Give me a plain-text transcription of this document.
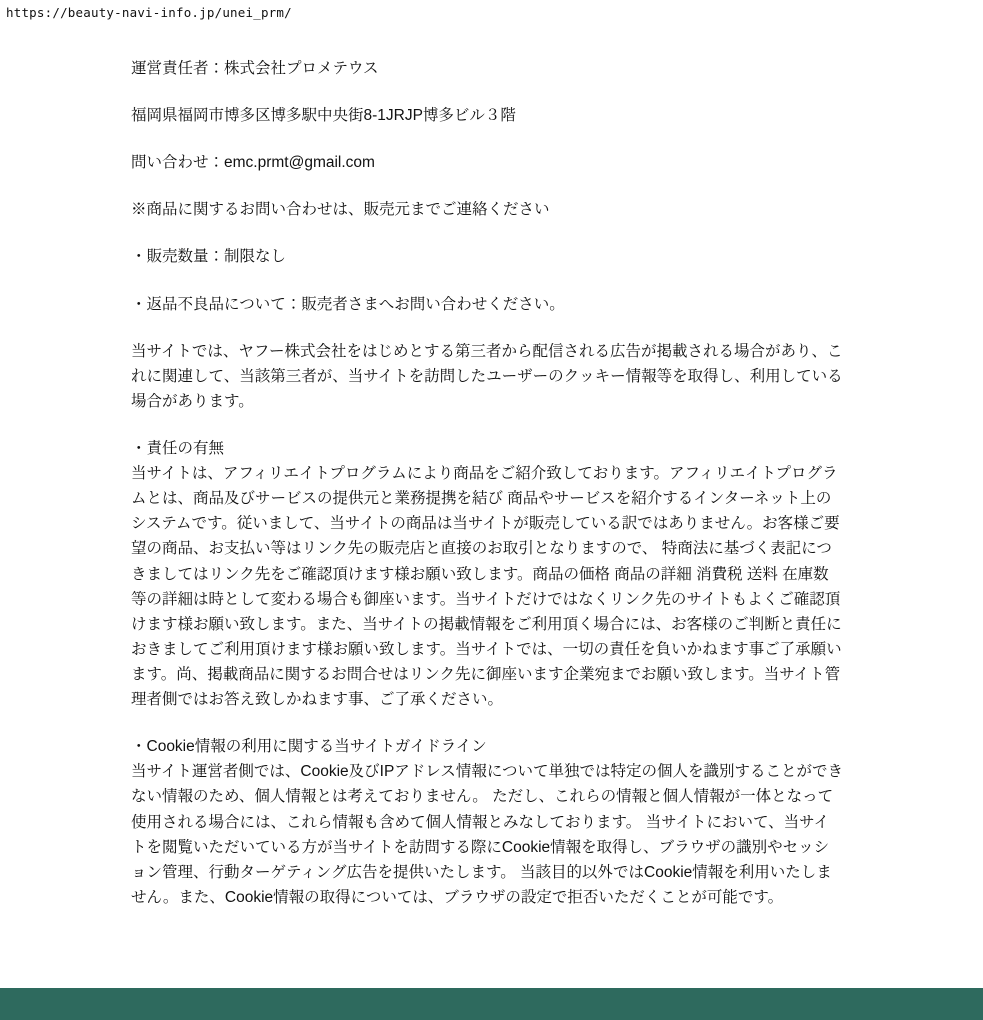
https://beauty-navi-info.jp/unei_prm/

運営責任者：株式会社プロメテウス

福岡県福岡市博多区博多駅中央街8-1JRJP博多ビル３階

問い合わせ：emc.prmt@gmail.com

※商品に関するお問い合わせは、販売元までご連絡ください

・販売数量：制限なし

・返品不良品について：販売者さまへお問い合わせください。

当サイトでは、ヤフー株式会社をはじめとする第三者から配信される広告が掲載される場合があり、これに関連して、当該第三者が、当サイトを訪問したユーザーのクッキー情報等を取得し、利用している場合があります。

・責任の有無

当サイトは、アフィリエイトプログラムにより商品をご紹介致しております。アフィリエイトプログラムとは、商品及びサービスの提供元と業務提携を結び 商品やサービスを紹介するインターネット上のシステムです。従いまして、当サイトの商品は当サイトが販売している訳ではありません。お客様ご要望の商品、お支払い等はリンク先の販売店と直接のお取引となりますので、 特商法に基づく表記につきましてはリンク先をご確認頂けます様お願い致します。商品の価格 商品の詳細 消費税 送料 在庫数等の詳細は時として変わる場合も御座います。当サイトだけではなくリンク先のサイトもよくご確認頂けます様お願い致します。また、当サイトの掲載情報をご利用頂く場合には、お客様のご判断と責任におきましてご利用頂けます様お願い致します。当サイトでは、一切の責任を負いかねます事ご了承願います。尚、掲載商品に関するお問合せはリンク先に御座います企業宛までお願い致します。当サイト管理者側ではお答え致しかねます事、ご了承ください。

・Cookie情報の利用に関する当サイトガイドライン

当サイト運営者側では、Cookie及びIPアドレス情報について単独では特定の個人を識別することができない情報のため、個人情報とは考えておりません。 ただし、これらの情報と個人情報が一体となって使用される場合には、これら情報も含めて個人情報とみなしております。 当サイトにおいて、当サイトを閲覧いただいている方が当サイトを訪問する際にCookie情報を取得し、ブラウザの識別やセッション管理、行動ターゲティング広告を提供いたします。 当該目的以外ではCookie情報を利用いたしません。また、Cookie情報の取得については、ブラウザの設定で拒否いただくことが可能です。
